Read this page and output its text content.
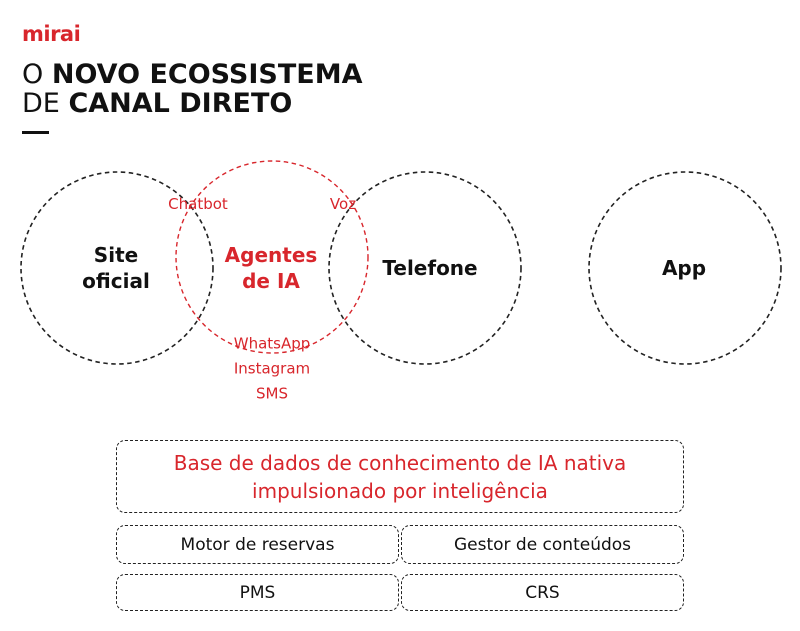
mirai
O NOVO ECOSSISTEMA
DE CANAL DIRETO
Site
oficial
Agentes
de IA
Telefone	App
Chatbot	Voz
WhatsApp
Instagram
SMS
Base de dados de conhecimento de IA nativa
impulsionado por inteligência
Motor de reservas	Gestor de conteúdos
PMS	CRS
